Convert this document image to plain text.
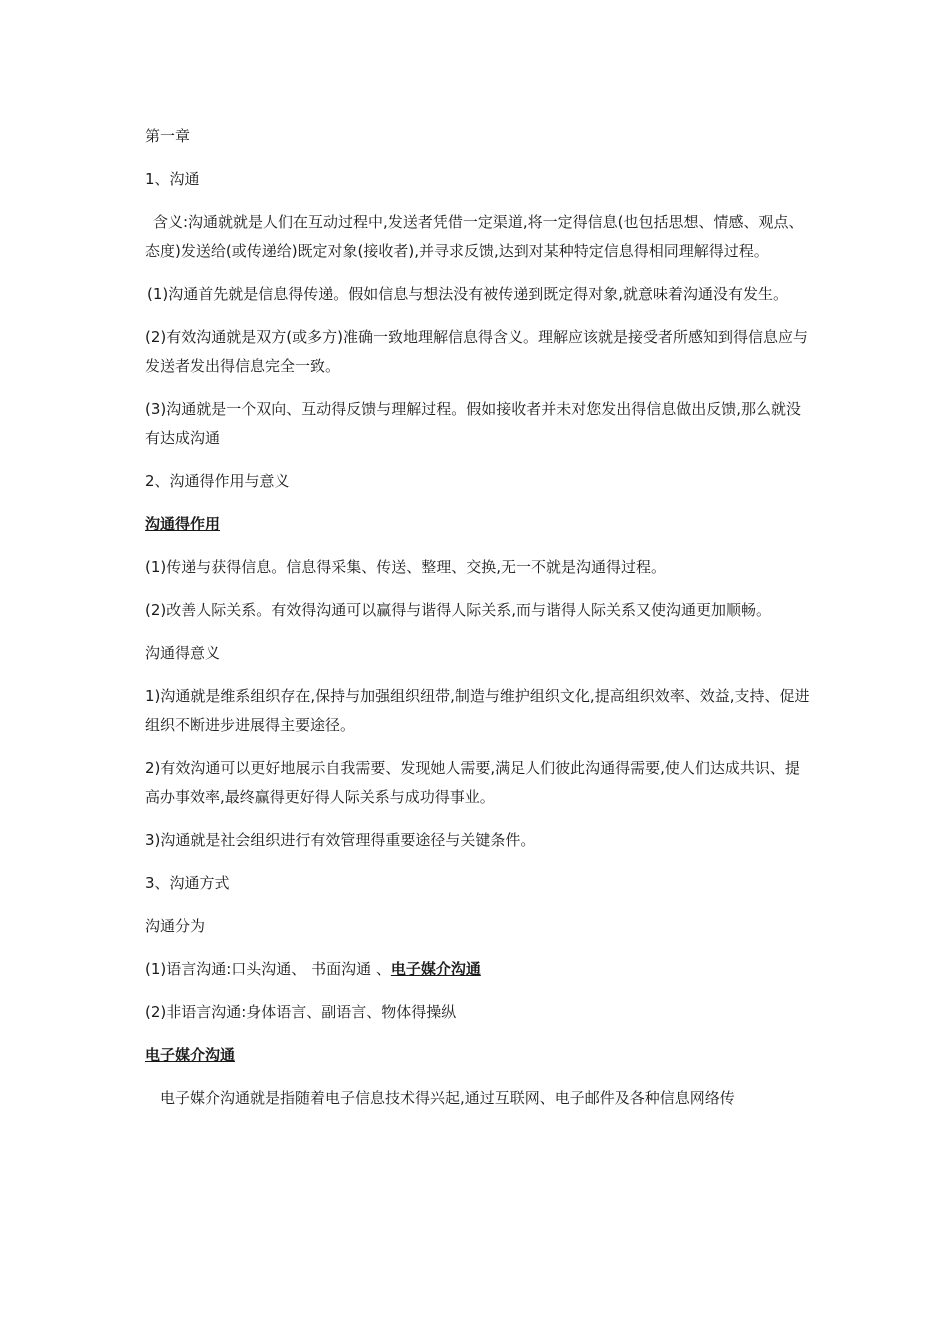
第一章

1、沟通

含义:沟通就就是人们在互动过程中,发送者凭借一定渠道,将一定得信息(也包括思想、情感、观点、态度)发送给(或传递给)既定对象(接收者),并寻求反馈,达到对某种特定信息得相同理解得过程。

(1)沟通首先就是信息得传递。假如信息与想法没有被传递到既定得对象,就意味着沟通没有发生。

(2)有效沟通就是双方(或多方)准确一致地理解信息得含义。理解应该就是接受者所感知到得信息应与发送者发出得信息完全一致。

(3)沟通就是一个双向、互动得反馈与理解过程。假如接收者并未对您发出得信息做出反馈,那么就没有达成沟通

2、沟通得作用与意义

沟通得作用

(1)传递与获得信息。信息得采集、传送、整理、交换,无一不就是沟通得过程。

(2)改善人际关系。有效得沟通可以赢得与谐得人际关系,而与谐得人际关系又使沟通更加顺畅。

沟通得意义

1)沟通就是维系组织存在,保持与加强组织纽带,制造与维护组织文化,提高组织效率、效益,支持、促进组织不断进步进展得主要途径。

2)有效沟通可以更好地展示自我需要、发现她人需要,满足人们彼此沟通得需要,使人们达成共识、提高办事效率,最终赢得更好得人际关系与成功得事业。

3)沟通就是社会组织进行有效管理得重要途径与关键条件。

3、沟通方式

沟通分为

(1)语言沟通:口头沟通、 书面沟通 、电子媒介沟通

(2)非语言沟通:身体语言、副语言、物体得操纵

电子媒介沟通

电子媒介沟通就是指随着电子信息技术得兴起,通过互联网、电子邮件及各种信息网络传
